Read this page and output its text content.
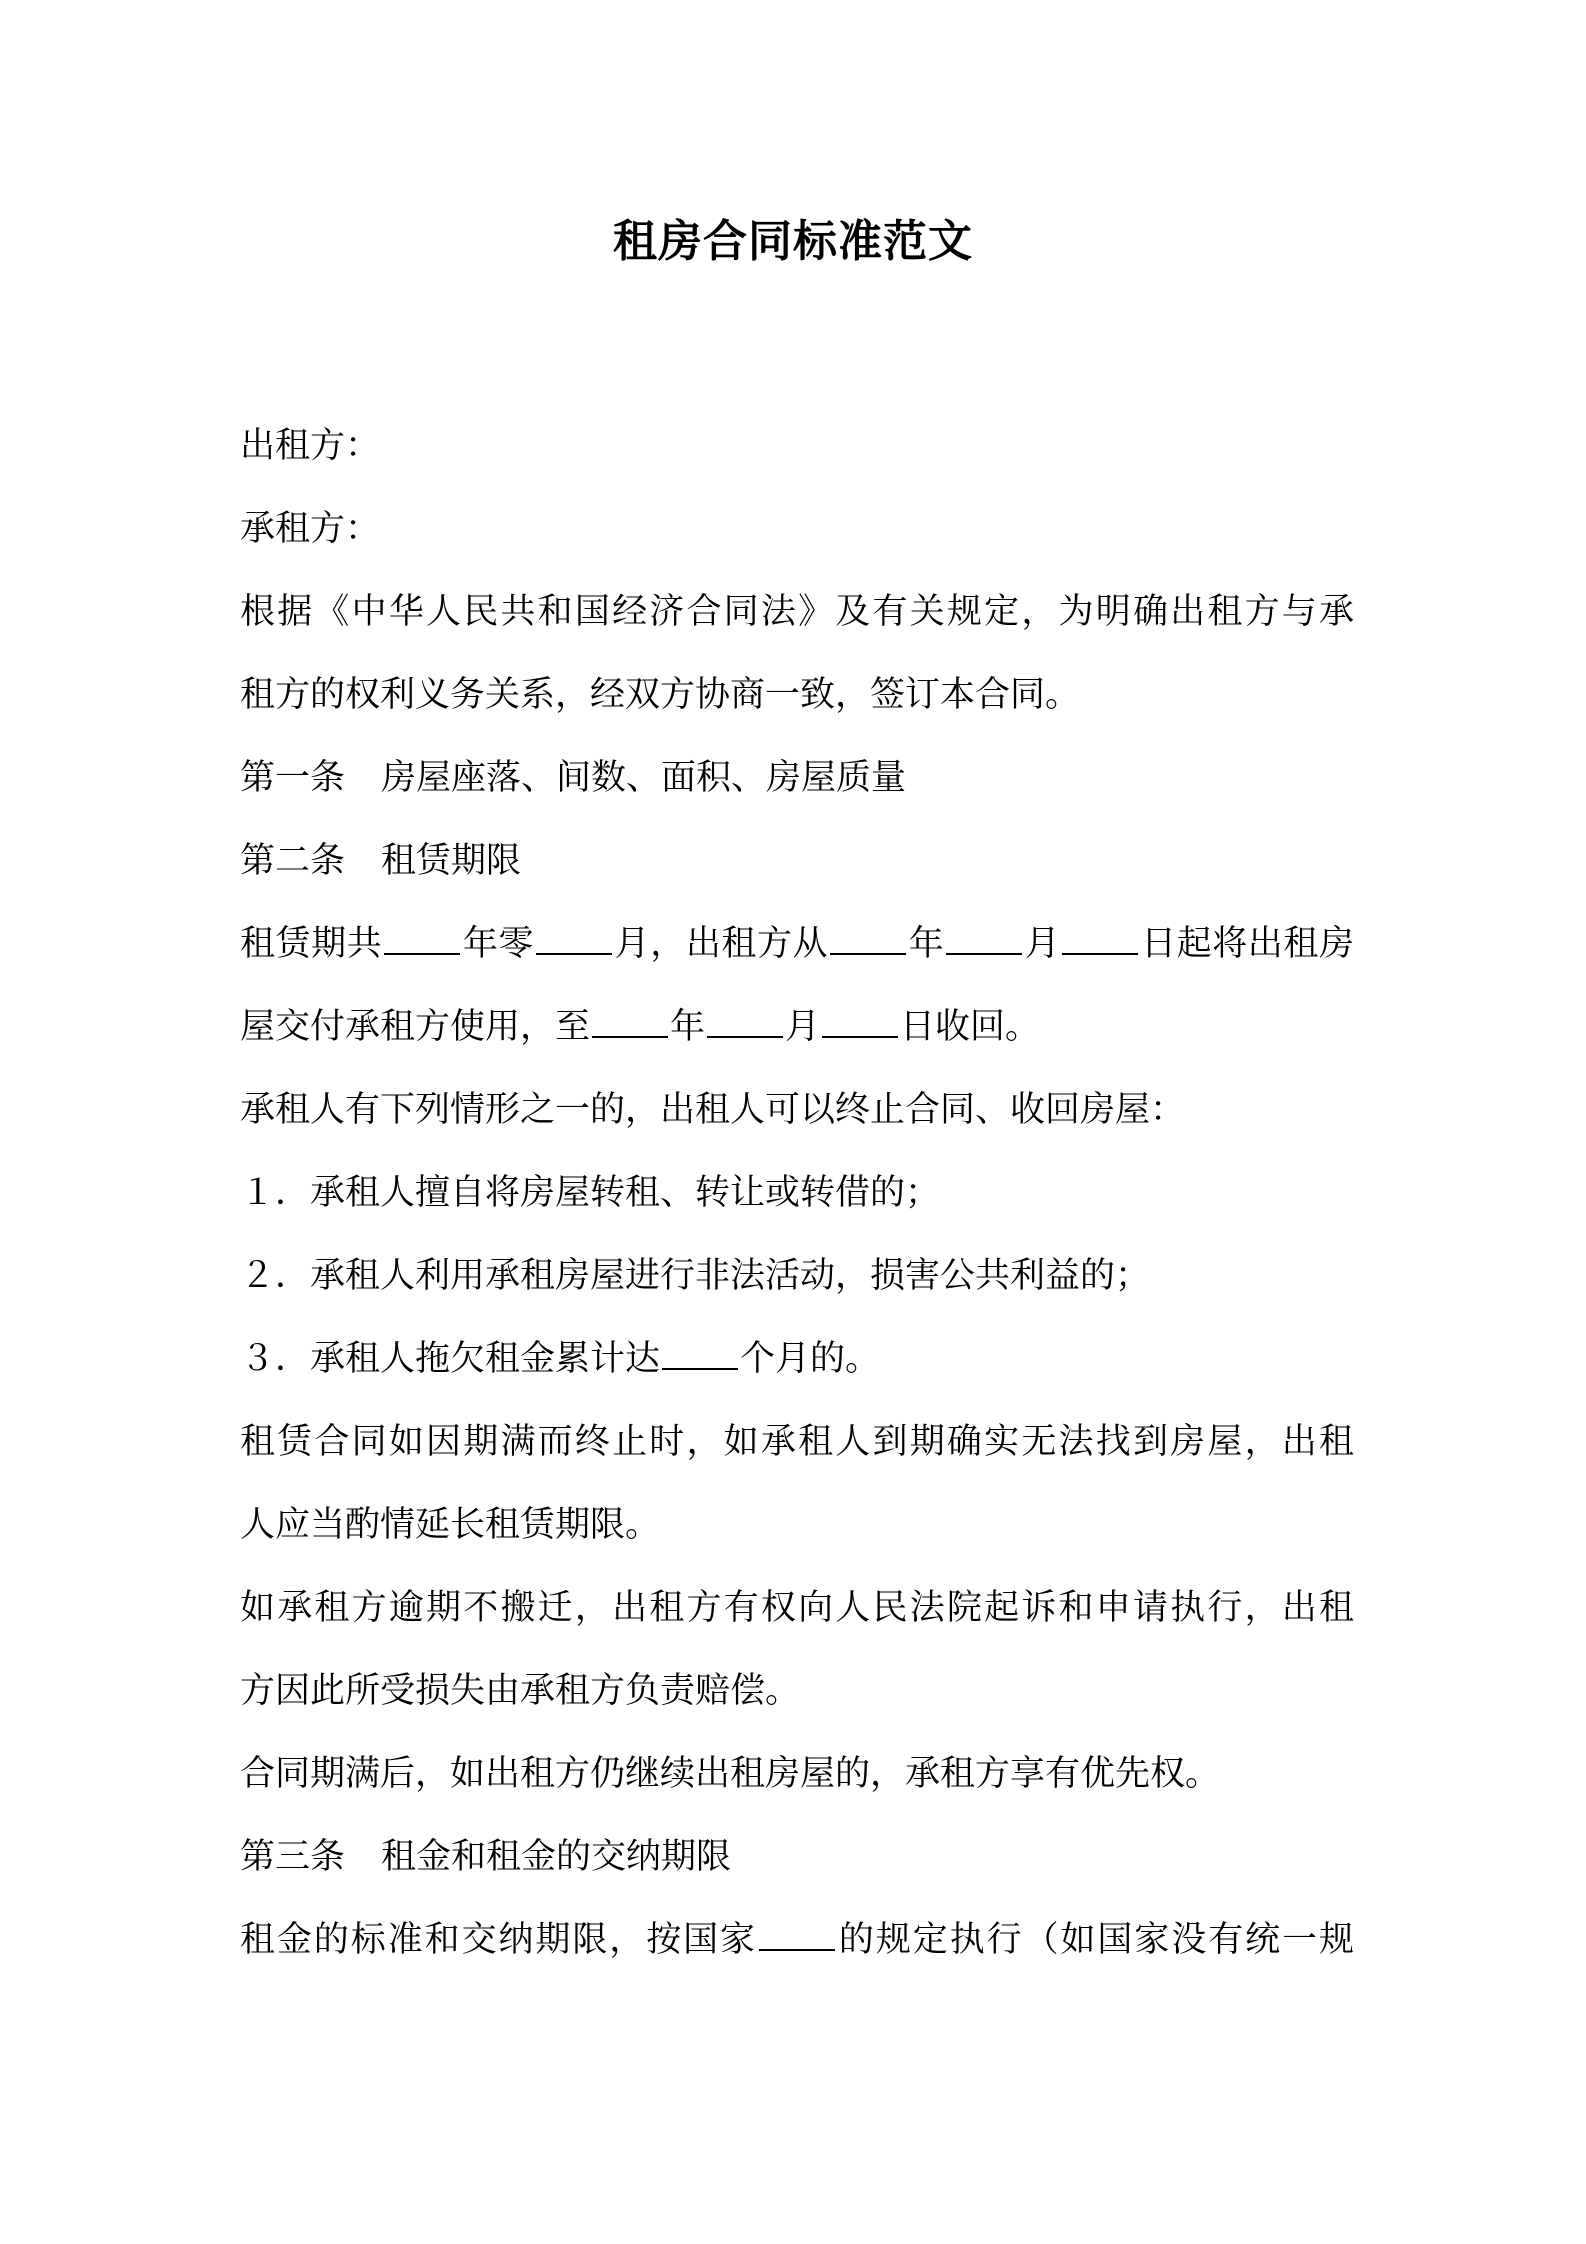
租房合同标准范文

出租方：

承租方：

根据《中华人民共和国经济合同法》及有关规定，为明确出租方与承

租方的权利义务关系，经双方协商一致，签订本合同。

第一条 房屋座落、间数、面积、房屋质量

第二条 租赁期限

租赁期共 年零 月，出租方从 年 月 日起将出租房

屋交付承租方使用，至 年 月 日收回。

承租人有下列情形之一的，出租人可以终止合同、收回房屋：

１．承租人擅自将房屋转租、转让或转借的；

２．承租人利用承租房屋进行非法活动，损害公共利益的；

３．承租人拖欠租金累计达 个月的。

租赁合同如因期满而终止时，如承租人到期确实无法找到房屋，出租

人应当酌情延长租赁期限。

如承租方逾期不搬迁，出租方有权向人民法院起诉和申请执行，出租

方因此所受损失由承租方负责赔偿。

合同期满后，如出租方仍继续出租房屋的，承租方享有优先权。

第三条 租金和租金的交纳期限

租金的标准和交纳期限，按国家 的规定执行（如国家没有统一规
